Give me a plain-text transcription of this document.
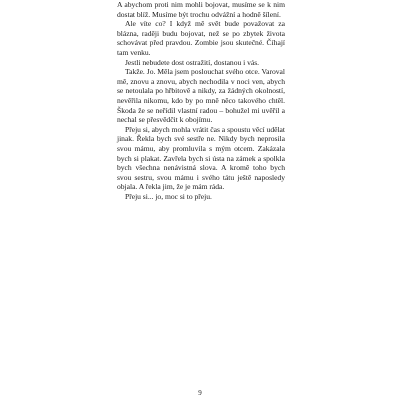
A abychom proti nim mohli bojovat, musíme se k nim dostat blíž. Musíme být trochu odvážní a hodně šílení.

Ale víte co? I když mě svět bude považovat za blázna, raději budu bojovat, než se po zbytek života schovávat před pravdou. Zombie jsou skutečné. Číhají tam venku.

Jestli nebudete dost ostražití, dostanou i vás.

Takže. Jo. Měla jsem poslouchat svého otce. Varoval mě, znovu a znovu, abych nechodila v noci ven, abych se netoulala po hřbitově a nikdy, za žádných okolností, nevěřila nikomu, kdo by po mně něco takového chtěl. Škoda že se neřídil vlastní radou – bohužel mi uvěřil a nechal se přesvědčit k obojímu.

Přeju si, abych mohla vrátit čas a spoustu věcí udělat jinak. Řekla bych své sestře ne. Nikdy bych neprosila svou mámu, aby promluvila s mým otcem. Zakázala bych si plakat. Zavřela bych si ústa na zámek a spolkla bych všechna nenávistná slova. A kromě toho bych svou sestru, svou mámu i svého tátu ještě naposledy objala. A řekla jim, že je mám ráda.

Přeju si... jo, moc si to přeju.

9
